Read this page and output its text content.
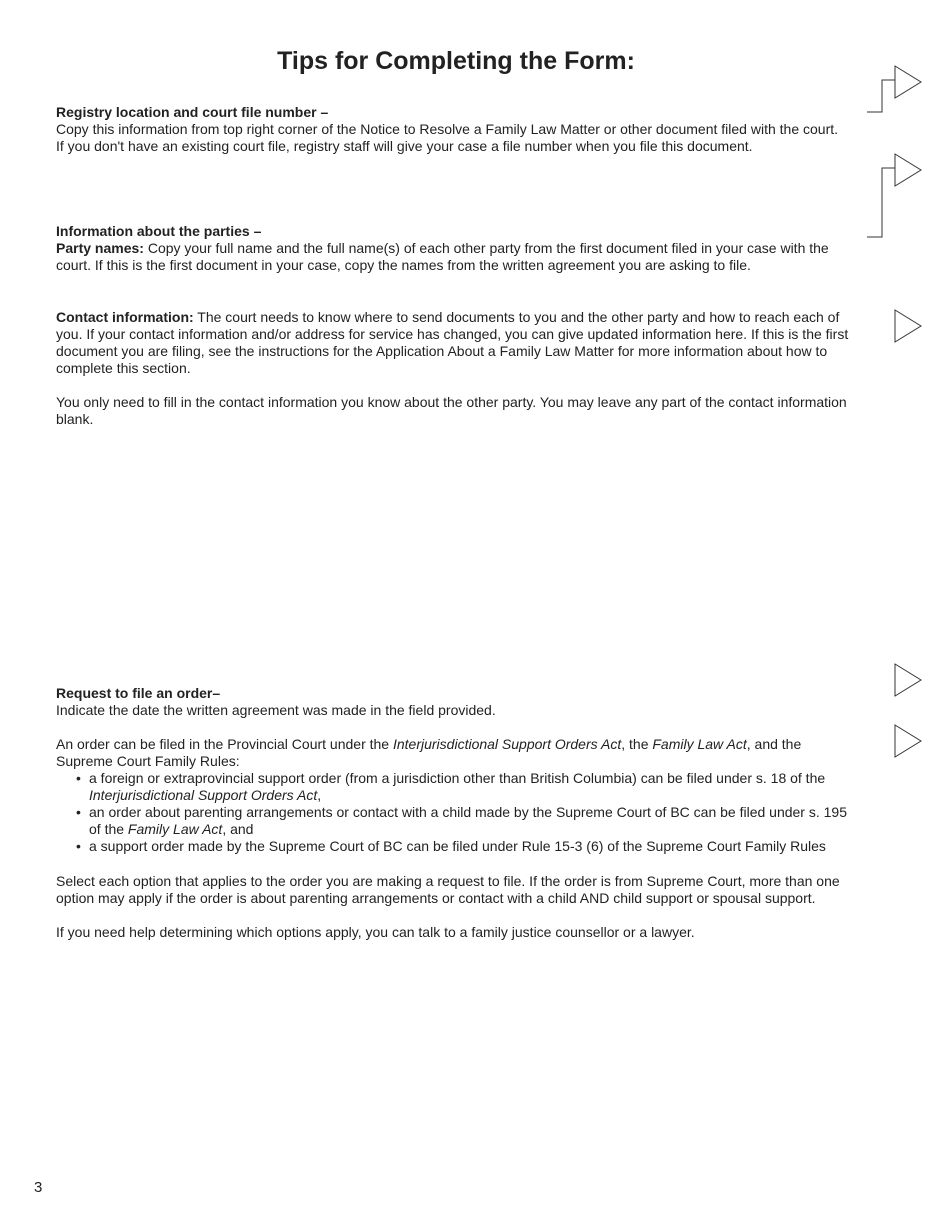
Tips for Completing the Form:

Registry location and court file number –

Copy this information from top right corner of the Notice to Resolve a Family Law Matter or other document filed with the court.

If you don't have an existing court file, registry staff will give your case a file number when you file this document.

Information about the parties –

Party names: Copy your full name and the full name(s) of each other party from the first document filed in your case with the court. If this is the first document in your case, copy the names from the written agreement you are asking to file.

Contact information: The court needs to know where to send documents to you and the other party and how to reach each of you. If your contact information and/or address for service has changed, you can give updated information here. If this is the first document you are filing, see the instructions for the Application About a Family Law Matter for more information about how to complete this section.

You only need to fill in the contact information you know about the other party. You may leave any part of the contact information blank.

Request to file an order–

Indicate the date the written agreement was made in the field provided.

An order can be filed in the Provincial Court under the Interjurisdictional Support Orders Act, the Family Law Act, and the Supreme Court Family Rules:

• a foreign or extraprovincial support order (from a jurisdiction other than British Columbia) can be filed under s. 18 of the Interjurisdictional Support Orders Act,
• an order about parenting arrangements or contact with a child made by the Supreme Court of BC can be filed under s. 195 of the Family Law Act, and
• a support order made by the Supreme Court of BC can be filed under Rule 15-3 (6) of the Supreme Court Family Rules

Select each option that applies to the order you are making a request to file. If the order is from Supreme Court, more than one option may apply if the order is about parenting arrangements or contact with a child AND child support or spousal support.

If you need help determining which options apply, you can talk to a family justice counsellor or a lawyer.

3
